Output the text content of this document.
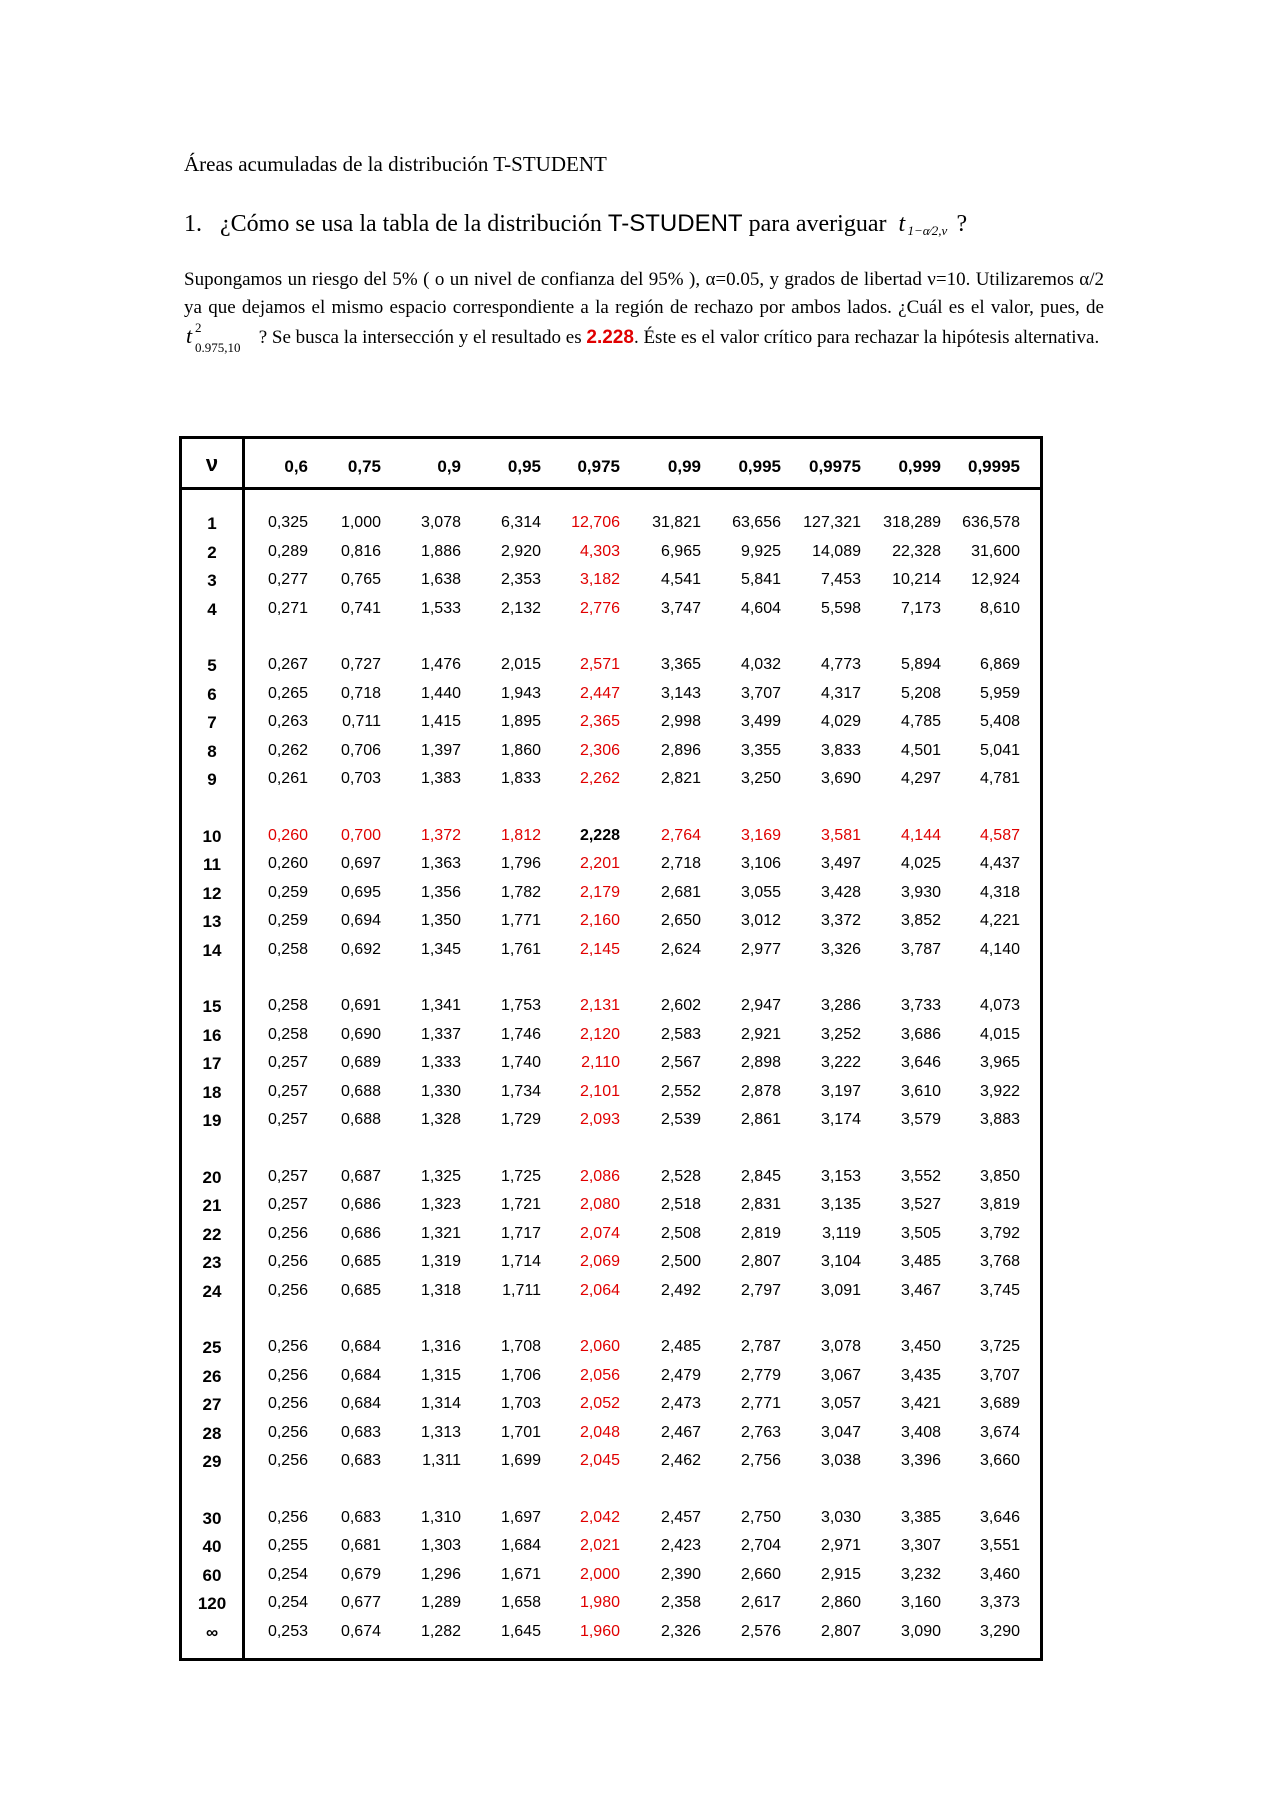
Áreas acumuladas de la distribución T-STUDENT
1. ¿Cómo se usa la tabla de la distribución T-STUDENT para averiguar t 1−α⁄2,ν ?
Supongamos un riesgo del 5% ( o un nivel de confianza del 95% ), α=0.05, y grados de libertad ν=10. Utilizaremos α/2 ya que dejamos el mismo espacio correspondiente a la región de rechazo por ambos lados. ¿Cuál es el valor, pues, de t 2
0.975,10 ? Se busca la intersección y el resultado es 2.228. Éste es el valor crítico para rechazar la hipótesis alternativa.
ν	0,6	0,75	0,9	0,95	0,975	0,99	0,995	0,9975	0,999	0,9995
1	0,325	1,000	3,078	6,314	12,706	31,821	63,656	127,321	318,289	636,578
2	0,289	0,816	1,886	2,920	4,303	6,965	9,925	14,089	22,328	31,600
3	0,277	0,765	1,638	2,353	3,182	4,541	5,841	7,453	10,214	12,924
4	0,271	0,741	1,533	2,132	2,776	3,747	4,604	5,598	7,173	8,610
5	0,267	0,727	1,476	2,015	2,571	3,365	4,032	4,773	5,894	6,869
6	0,265	0,718	1,440	1,943	2,447	3,143	3,707	4,317	5,208	5,959
7	0,263	0,711	1,415	1,895	2,365	2,998	3,499	4,029	4,785	5,408
8	0,262	0,706	1,397	1,860	2,306	2,896	3,355	3,833	4,501	5,041
9	0,261	0,703	1,383	1,833	2,262	2,821	3,250	3,690	4,297	4,781
10	0,260	0,700	1,372	1,812	2,228	2,764	3,169	3,581	4,144	4,587
11	0,260	0,697	1,363	1,796	2,201	2,718	3,106	3,497	4,025	4,437
12	0,259	0,695	1,356	1,782	2,179	2,681	3,055	3,428	3,930	4,318
13	0,259	0,694	1,350	1,771	2,160	2,650	3,012	3,372	3,852	4,221
14	0,258	0,692	1,345	1,761	2,145	2,624	2,977	3,326	3,787	4,140
15	0,258	0,691	1,341	1,753	2,131	2,602	2,947	3,286	3,733	4,073
16	0,258	0,690	1,337	1,746	2,120	2,583	2,921	3,252	3,686	4,015
17	0,257	0,689	1,333	1,740	2,110	2,567	2,898	3,222	3,646	3,965
18	0,257	0,688	1,330	1,734	2,101	2,552	2,878	3,197	3,610	3,922
19	0,257	0,688	1,328	1,729	2,093	2,539	2,861	3,174	3,579	3,883
20	0,257	0,687	1,325	1,725	2,086	2,528	2,845	3,153	3,552	3,850
21	0,257	0,686	1,323	1,721	2,080	2,518	2,831	3,135	3,527	3,819
22	0,256	0,686	1,321	1,717	2,074	2,508	2,819	3,119	3,505	3,792
23	0,256	0,685	1,319	1,714	2,069	2,500	2,807	3,104	3,485	3,768
24	0,256	0,685	1,318	1,711	2,064	2,492	2,797	3,091	3,467	3,745
25	0,256	0,684	1,316	1,708	2,060	2,485	2,787	3,078	3,450	3,725
26	0,256	0,684	1,315	1,706	2,056	2,479	2,779	3,067	3,435	3,707
27	0,256	0,684	1,314	1,703	2,052	2,473	2,771	3,057	3,421	3,689
28	0,256	0,683	1,313	1,701	2,048	2,467	2,763	3,047	3,408	3,674
29	0,256	0,683	1,311	1,699	2,045	2,462	2,756	3,038	3,396	3,660
30	0,256	0,683	1,310	1,697	2,042	2,457	2,750	3,030	3,385	3,646
40	0,255	0,681	1,303	1,684	2,021	2,423	2,704	2,971	3,307	3,551
60	0,254	0,679	1,296	1,671	2,000	2,390	2,660	2,915	3,232	3,460
120	0,254	0,677	1,289	1,658	1,980	2,358	2,617	2,860	3,160	3,373
∞	0,253	0,674	1,282	1,645	1,960	2,326	2,576	2,807	3,090	3,290
